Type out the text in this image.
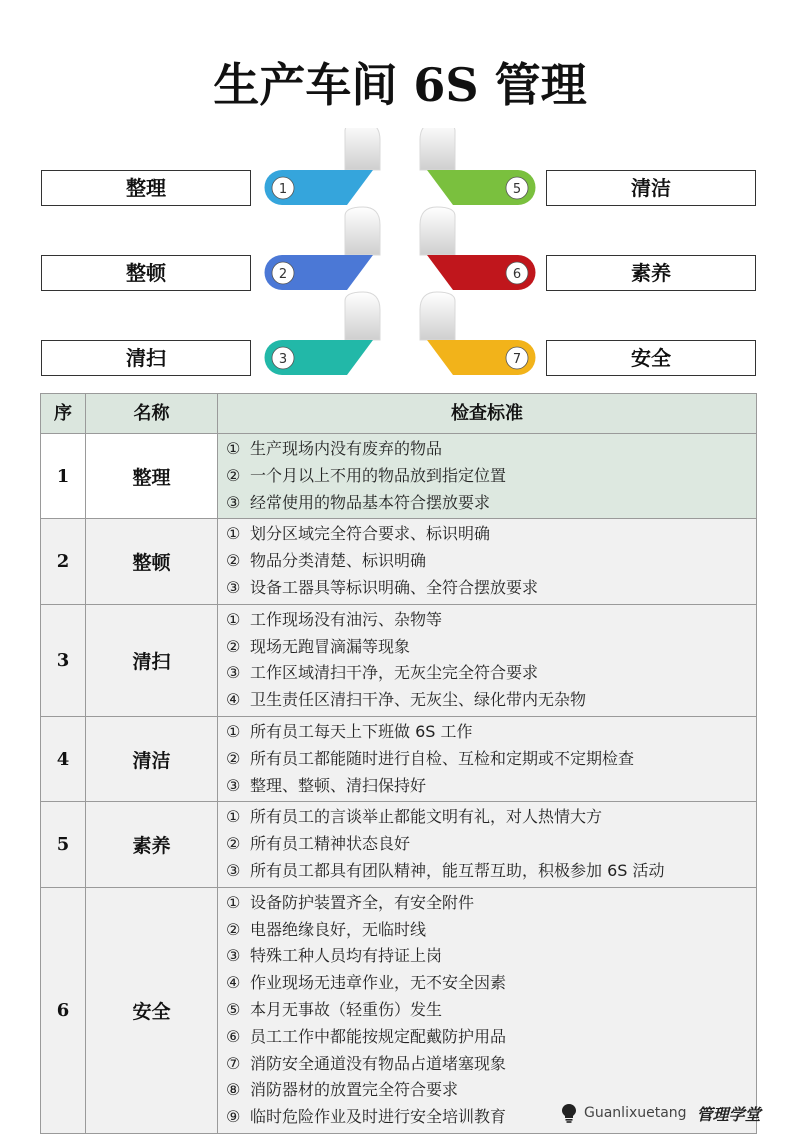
生产车间 6S 管理
整理
整顿
清扫
清洁
素养
安全
1
2
3
5
6
7
序	名称	检查标准
1	整理
① 生产现场内没有废弃的物品
② 一个月以上不用的物品放到指定位置
③ 经常使用的物品基本符合摆放要求
2	整顿
① 划分区域完全符合要求、标识明确
② 物品分类清楚、标识明确
③ 设备工器具等标识明确、全符合摆放要求
3	清扫
① 工作现场没有油污、杂物等
② 现场无跑冒滴漏等现象
③ 工作区域清扫干净，无灰尘完全符合要求
④ 卫生责任区清扫干净、无灰尘、绿化带内无杂物
4	清洁
① 所有员工每天上下班做 6S 工作
② 所有员工都能随时进行自检、互检和定期或不定期检查
③ 整理、整顿、清扫保持好
5	素养
① 所有员工的言谈举止都能文明有礼，对人热情大方
② 所有员工精神状态良好
③ 所有员工都具有团队精神，能互帮互助，积极参加 6S 活动
6	安全
① 设备防护装置齐全，有安全附件
② 电器绝缘良好，无临时线
③ 特殊工种人员均有持证上岗
④ 作业现场无违章作业，无不安全因素
⑤ 本月无事故（轻重伤）发生
⑥ 员工工作中都能按规定配戴防护用品
⑦ 消防安全通道没有物品占道堵塞现象
⑧ 消防器材的放置完全符合要求
⑨ 临时危险作业及时进行安全培训教育	Guanlixuetang 管理学堂
